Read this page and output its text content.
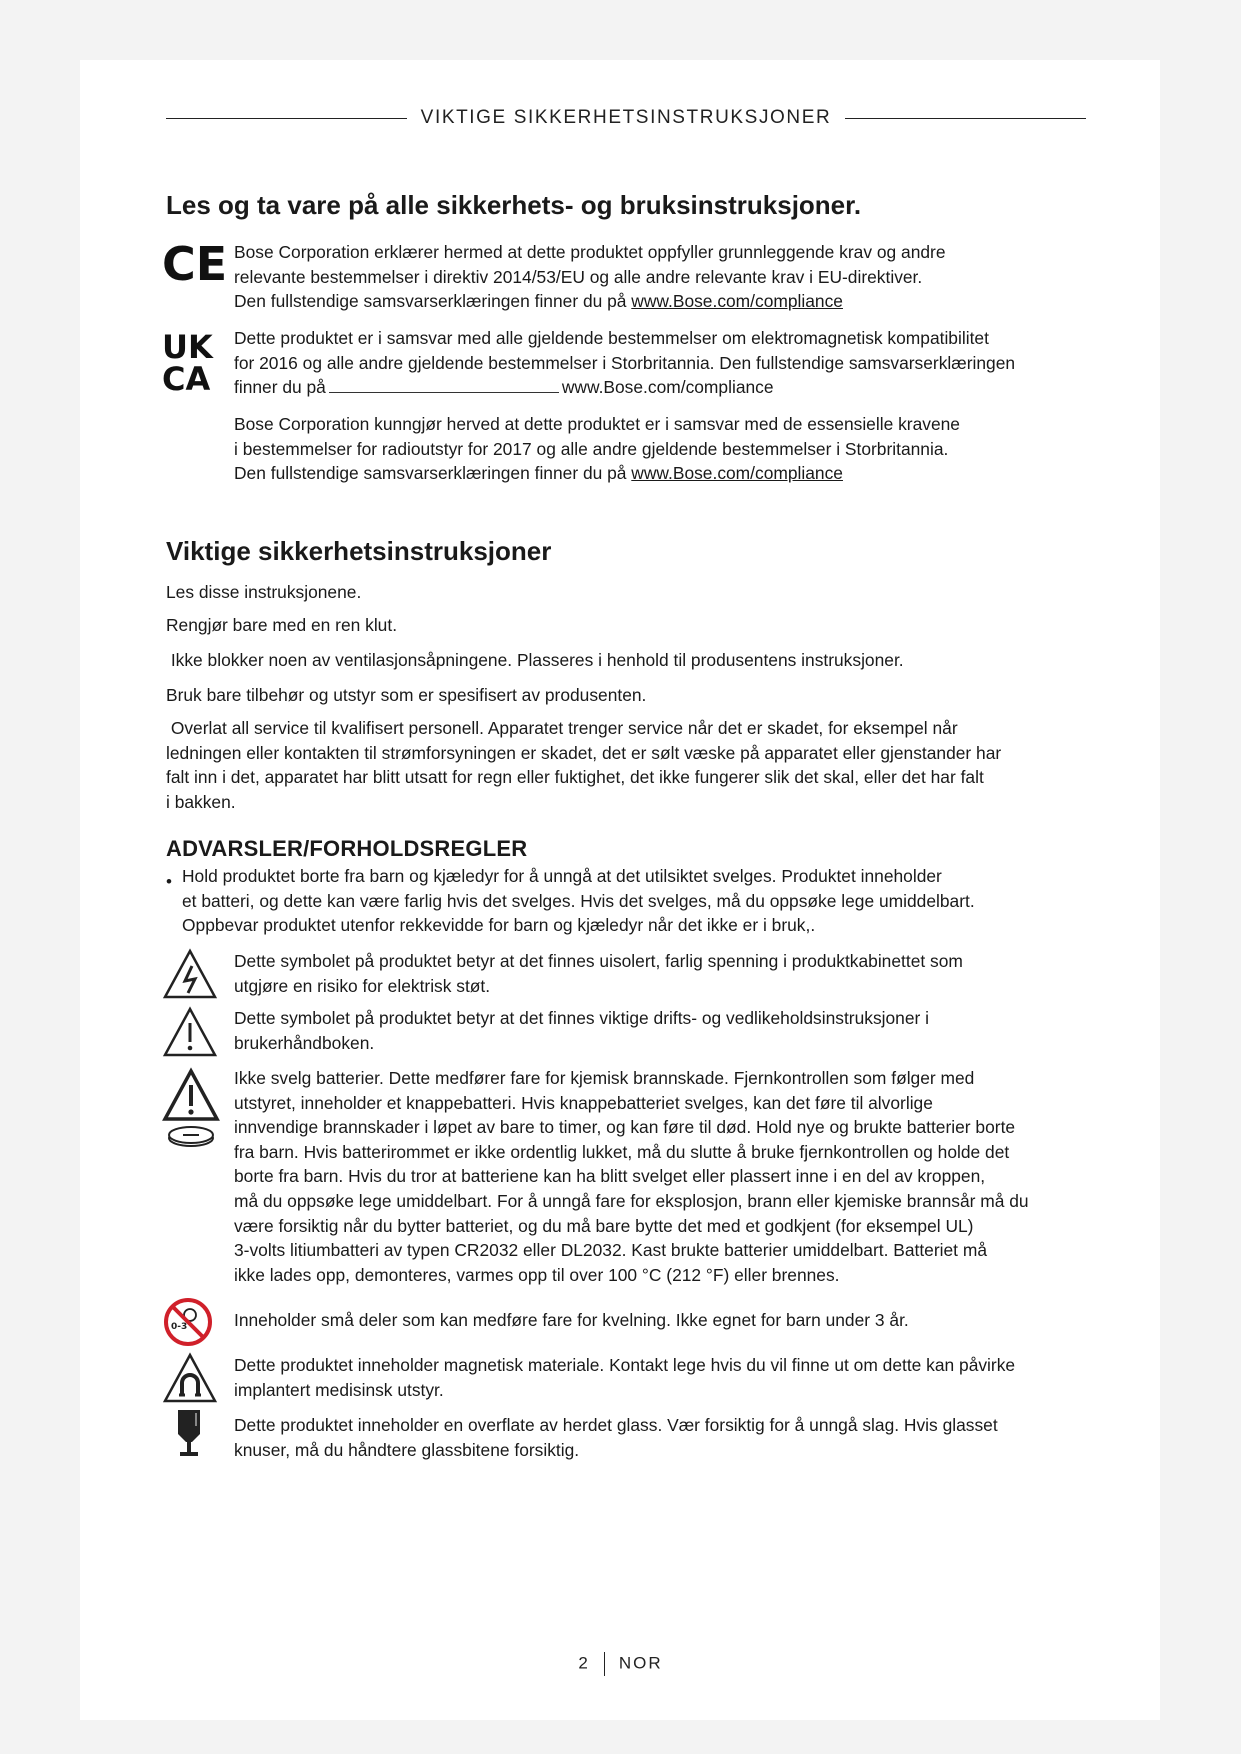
VIKTIGE SIKKERHETSINSTRUKSJONER
Les og ta vare på alle sikkerhets- og bruksinstruksjoner.
CE Bose Corporation erklærer hermed at dette produktet oppfyller grunnleggende krav og andre

relevante bestemmelser i direktiv 2014/53/EU og alle andre relevante krav i EU-direktiver.

Den fullstendige samsvarserklæringen finner du på www.Bose.com/compliance

UK
CA

Dette produktet er i samsvar med alle gjeldende bestemmelser om elektromagnetisk kompatibilitet

for 2016 og alle andre gjeldende bestemmelser i Storbritannia. Den fullstendige samsvarserklæringen

finner du på	www.Bose.com/compliance

Bose Corporation kunngjør herved at dette produktet er i samsvar med de essensielle kravene

i bestemmelser for radioutstyr for 2017 og alle andre gjeldende bestemmelser i Storbritannia.

Den fullstendige samsvarserklæringen finner du på www.Bose.com/compliance

Viktige sikkerhetsinstruksjoner

Les disse instruksjonene.

Rengjør bare med en ren klut.

Ikke blokker noen av ventilasjonsåpningene. Plasseres i henhold til produsentens instruksjoner.

Bruk bare tilbehør og utstyr som er spesifisert av produsenten.

Overlat all service til kvalifisert personell. Apparatet trenger service når det er skadet, for eksempel når

ledningen eller kontakten til strømforsyningen er skadet, det er sølt væske på apparatet eller gjenstander har

falt inn i det, apparatet har blitt utsatt for regn eller fuktighet, det ikke fungerer slik det skal, eller det har falt

i bakken.

ADVARSLER/FORHOLDSREGLER
• Hold produktet borte fra barn og kjæledyr for å unngå at det utilsiktet svelges. Produktet inneholder

et batteri, og dette kan være farlig hvis det svelges. Hvis det svelges, må du oppsøke lege umiddelbart.

Oppbevar produktet utenfor rekkevidde for barn og kjæledyr når det ikke er i bruk,.

Dette symbolet på produktet betyr at det finnes uisolert, farlig spenning i produktkabinettet som

utgjøre en risiko for elektrisk støt.

Dette symbolet på produktet betyr at det finnes viktige drifts- og vedlikeholdsinstruksjoner i

brukerhåndboken.

Ikke svelg batterier. Dette medfører fare for kjemisk brannskade. Fjernkontrollen som følger med

utstyret, inneholder et knappebatteri. Hvis knappebatteriet svelges, kan det føre til alvorlige

innvendige brannskader i løpet av bare to timer, og kan føre til død. Hold nye og brukte batterier borte

fra barn. Hvis batterirommet er ikke ordentlig lukket, må du slutte å bruke fjernkontrollen og holde det

borte fra barn. Hvis du tror at batteriene kan ha blitt svelget eller plassert inne i en del av kroppen,

må du oppsøke lege umiddelbart. For å unngå fare for eksplosjon, brann eller kjemiske brannsår må du

være forsiktig når du bytter batteriet, og du må bare bytte det med et godkjent (for eksempel UL)

3-volts litiumbatteri av typen CR2032 eller DL2032. Kast brukte batterier umiddelbart. Batteriet må

ikke lades opp, demonteres, varmes opp til over 100 °C (212 °F) eller brennes.

0-3	Inneholder små deler som kan medføre fare for kvelning. Ikke egnet for barn under 3 år.

Dette produktet inneholder magnetisk materiale. Kontakt lege hvis du vil finne ut om dette kan påvirke

implantert medisinsk utstyr.

Dette produktet inneholder en overflate av herdet glass. Vær forsiktig for å unngå slag. Hvis glasset

knuser, må du håndtere glassbitene forsiktig.

2 NOR
